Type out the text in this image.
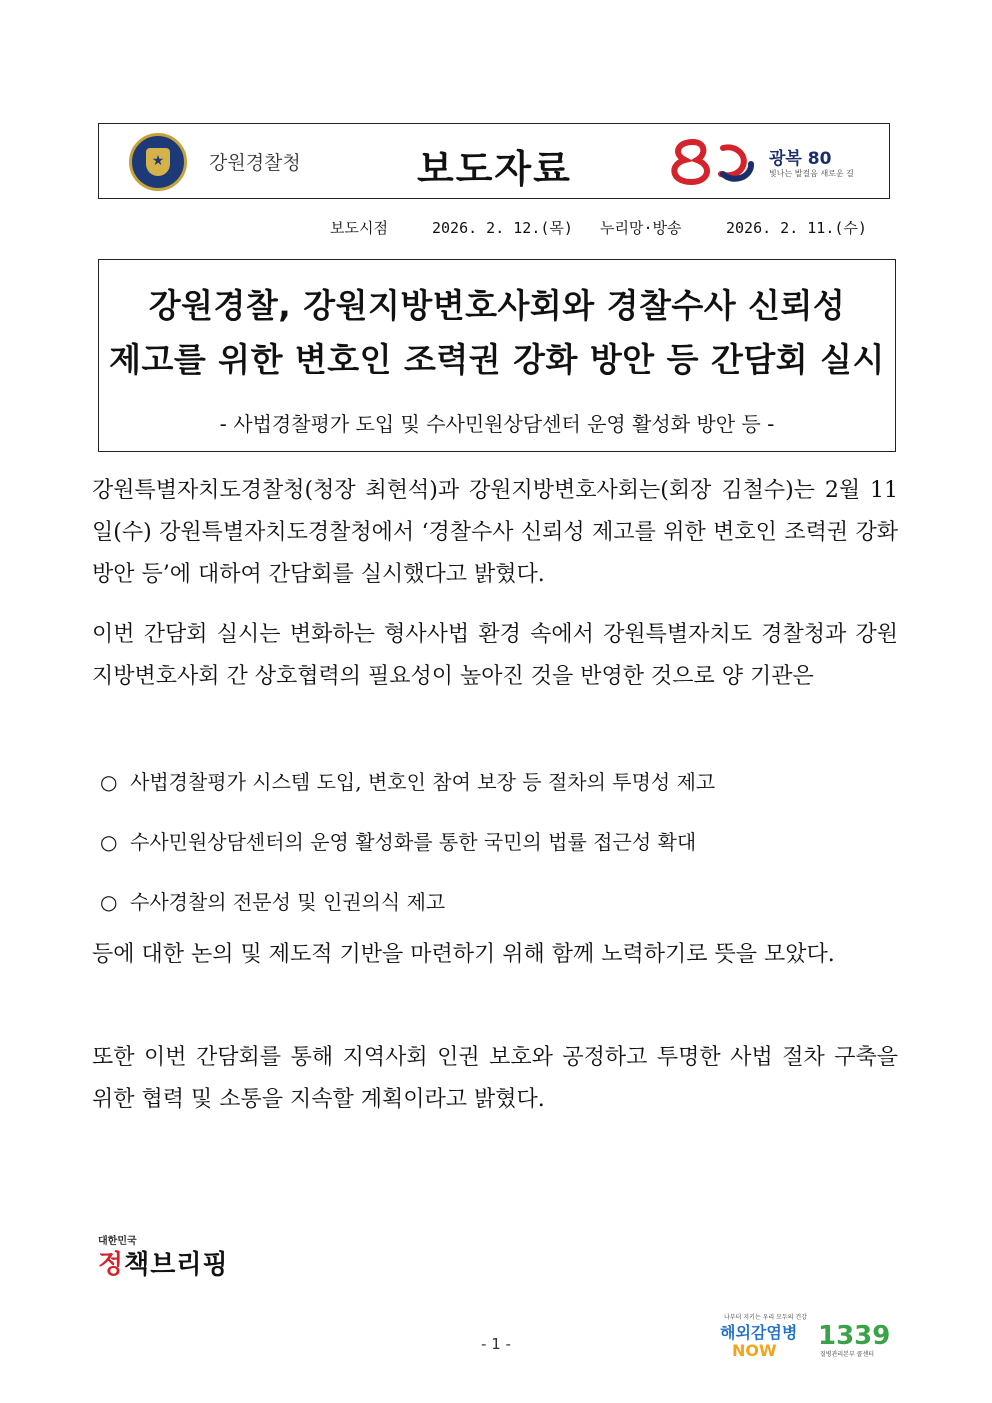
★ 강원경찰청	보도자료	광복 80
빛나는 발걸음 새로운 길
보도시점	2026. 2. 12.(목) 누리망·방송	2026. 2. 11.(수)
강원경찰, 강원지방변호사회와 경찰수사 신뢰성
제고를 위한 변호인 조력권 강화 방안 등 간담회 실시
- 사법경찰평가 도입 및 수사민원상담센터 운영 활성화 방안 등 -
강원특별자치도경찰청(청장 최현석)과 강원지방변호사회는(회장 김철수)는 2월 11일(수) 강원특별자치도경찰청에서 ‘경찰수사 신뢰성 제고를 위한 변호인 조력권 강화 방안 등’에 대하여 간담회를 실시했다고 밝혔다.
이번 간담회 실시는 변화하는 형사사법 환경 속에서 강원특별자치도 경찰청과 강원지방변호사회 간 상호협력의 필요성이 높아진 것을 반영한 것으로 양 기관은
○ 사법경찰평가 시스템 도입, 변호인 참여 보장 등 절차의 투명성 제고
○ 수사민원상담센터의 운영 활성화를 통한 국민의 법률 접근성 확대
○ 수사경찰의 전문성 및 인권의식 제고
등에 대한 논의 및 제도적 기반을 마련하기 위해 함께 노력하기로 뜻을 모았다.
또한 이번 간담회를 통해 지역사회 인권 보호와 공정하고 투명한 사법 절차 구축을 위한 협력 및 소통을 지속할 계획이라고 밝혔다.
대한민국
정책브리핑
- 1 -
나부터 지키는 우리 모두의 건강
해외감염병
NOW 1339
질병관리본부 콜센터
